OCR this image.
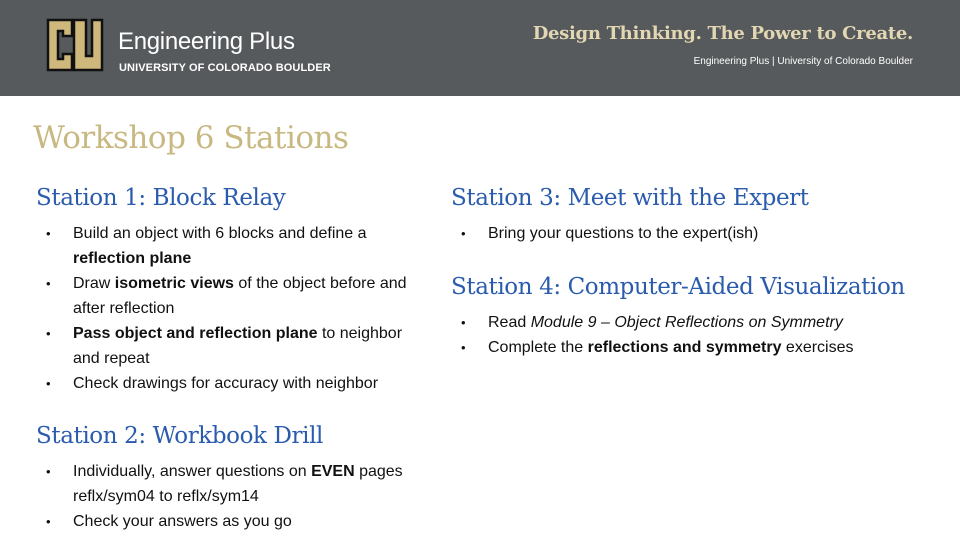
Engineering Plus
UNIVERSITY OF COLORADO BOULDER
Design Thinking. The Power to Create.
Engineering Plus | University of Colorado Boulder
Workshop 6 Stations
Station 1: Block Relay
• Build an object with 6 blocks and define a reflection plane
• Draw isometric views of the object before and after reflection
• Pass object and reflection plane to neighbor and repeat
• Check drawings for accuracy with neighbor
Station 2: Workbook Drill
• Individually, answer questions on EVEN pages reflx/sym04 to reflx/sym14
• Check your answers as you go
Station 3: Meet with the Expert
• Bring your questions to the expert(ish)
Station 4: Computer-Aided Visualization
• Read Module 9 – Object Reflections on Symmetry
• Complete the reflections and symmetry exercises
